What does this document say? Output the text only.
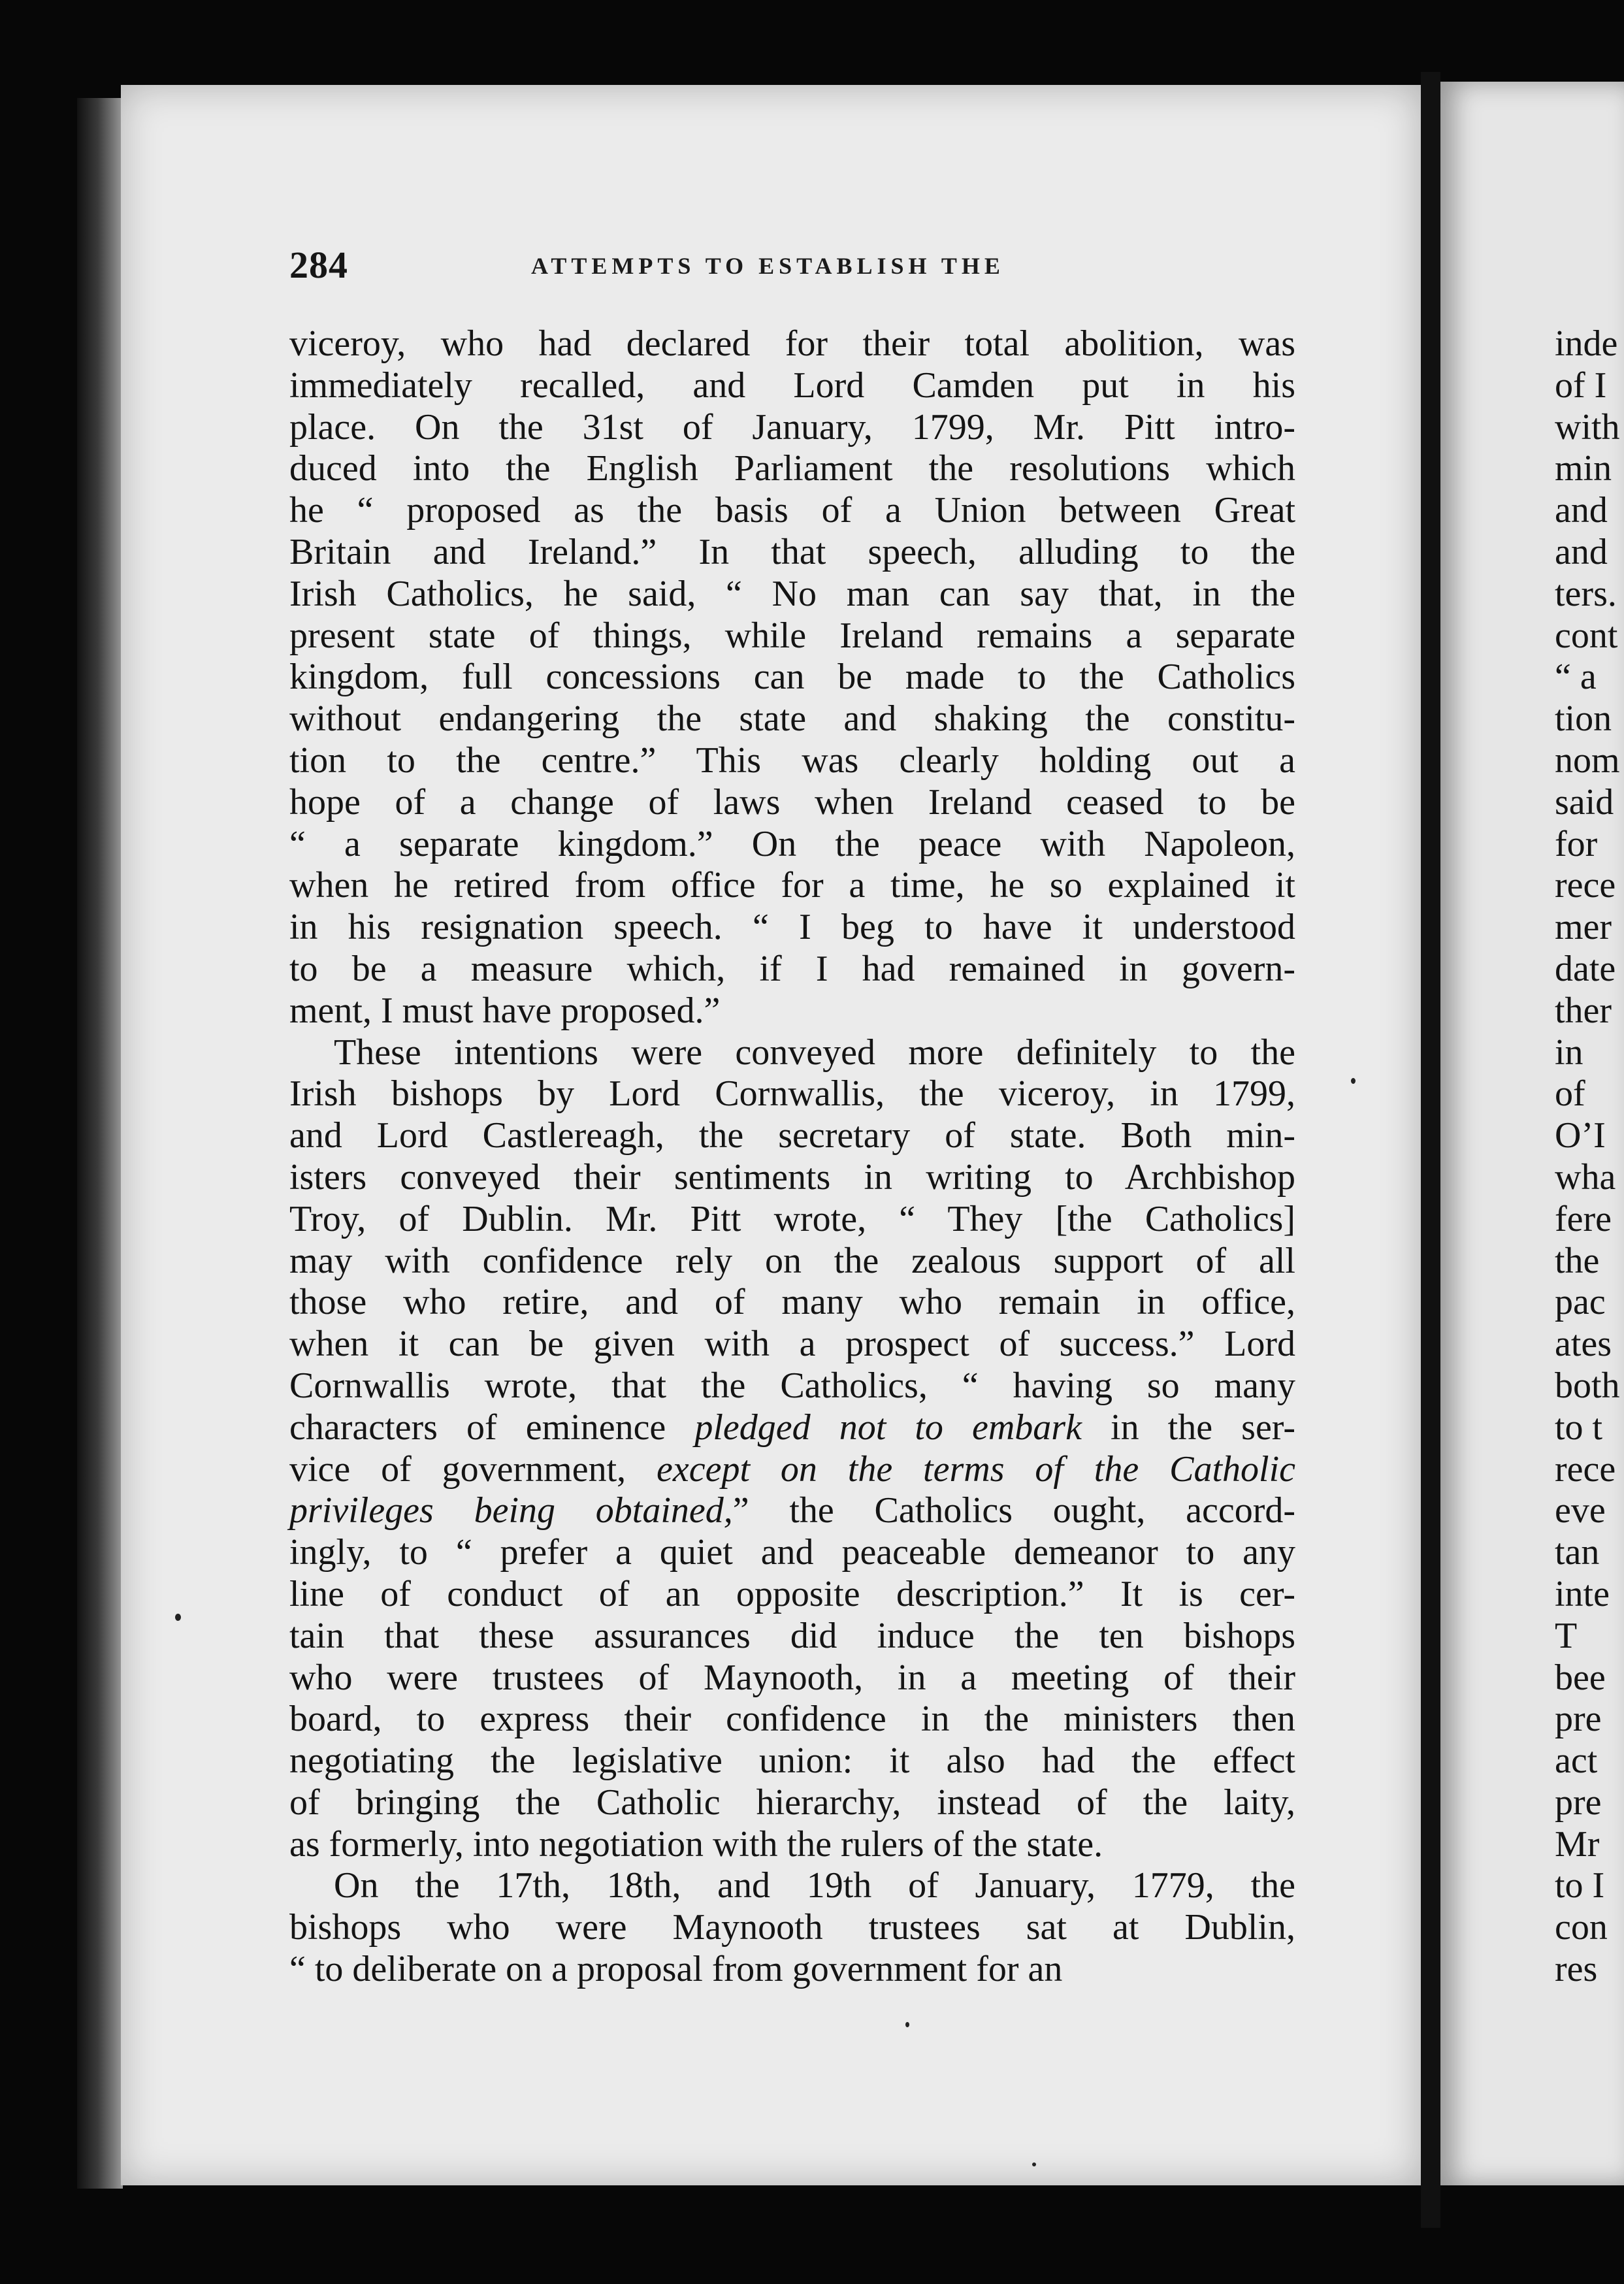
284	ATTEMPTS TO ESTABLISH THE
viceroy, who had declared for their total abolition, was
immediately recalled, and Lord Camden put in his
place. On the 31st of January, 1799, Mr. Pitt intro-
duced into the English Parliament the resolutions which
he “ proposed as the basis of a Union between Great
Britain and Ireland.” In that speech, alluding to the
Irish Catholics, he said, “ No man can say that, in the
present state of things, while Ireland remains a separate
kingdom, full concessions can be made to the Catholics
without endangering the state and shaking the constitu-
tion to the centre.” This was clearly holding out a
hope of a change of laws when Ireland ceased to be
“ a separate kingdom.” On the peace with Napoleon,
when he retired from office for a time, he so explained it
in his resignation speech. “ I beg to have it understood
to be a measure which, if I had remained in govern-
ment, I must have proposed.”
These intentions were conveyed more definitely to the
Irish bishops by Lord Cornwallis, the viceroy, in 1799,
and Lord Castlereagh, the secretary of state. Both min-
isters conveyed their sentiments in writing to Archbishop
Troy, of Dublin. Mr. Pitt wrote, “ They [the Catholics]
may with confidence rely on the zealous support of all
those who retire, and of many who remain in office,
when it can be given with a prospect of success.” Lord
Cornwallis wrote, that the Catholics, “ having so many
characters of eminence pledged not to embark in the ser-
vice of government, except on the terms of the Catholic
privileges being obtained,” the Catholics ought, accord-
ingly, to “ prefer a quiet and peaceable demeanor to any
line of conduct of an opposite description.” It is cer-
tain that these assurances did induce the ten bishops
who were trustees of Maynooth, in a meeting of their
board, to express their confidence in the ministers then
negotiating the legislative union: it also had the effect
of bringing the Catholic hierarchy, instead of the laity,
as formerly, into negotiation with the rulers of the state.
On the 17th, 18th, and 19th of January, 1779, the
bishops who were Maynooth trustees sat at Dublin,
“ to deliberate on a proposal from government for an
inde
of I
with
min
and
and
ters.
cont
“ a
tion
nom
said
for
rece
mer
date
ther
in
of
O’I
wha
fere
the
pac
ates
both
to t
rece
eve
tan
inte
T
bee
pre
act
pre
Mr
to I
con
res
